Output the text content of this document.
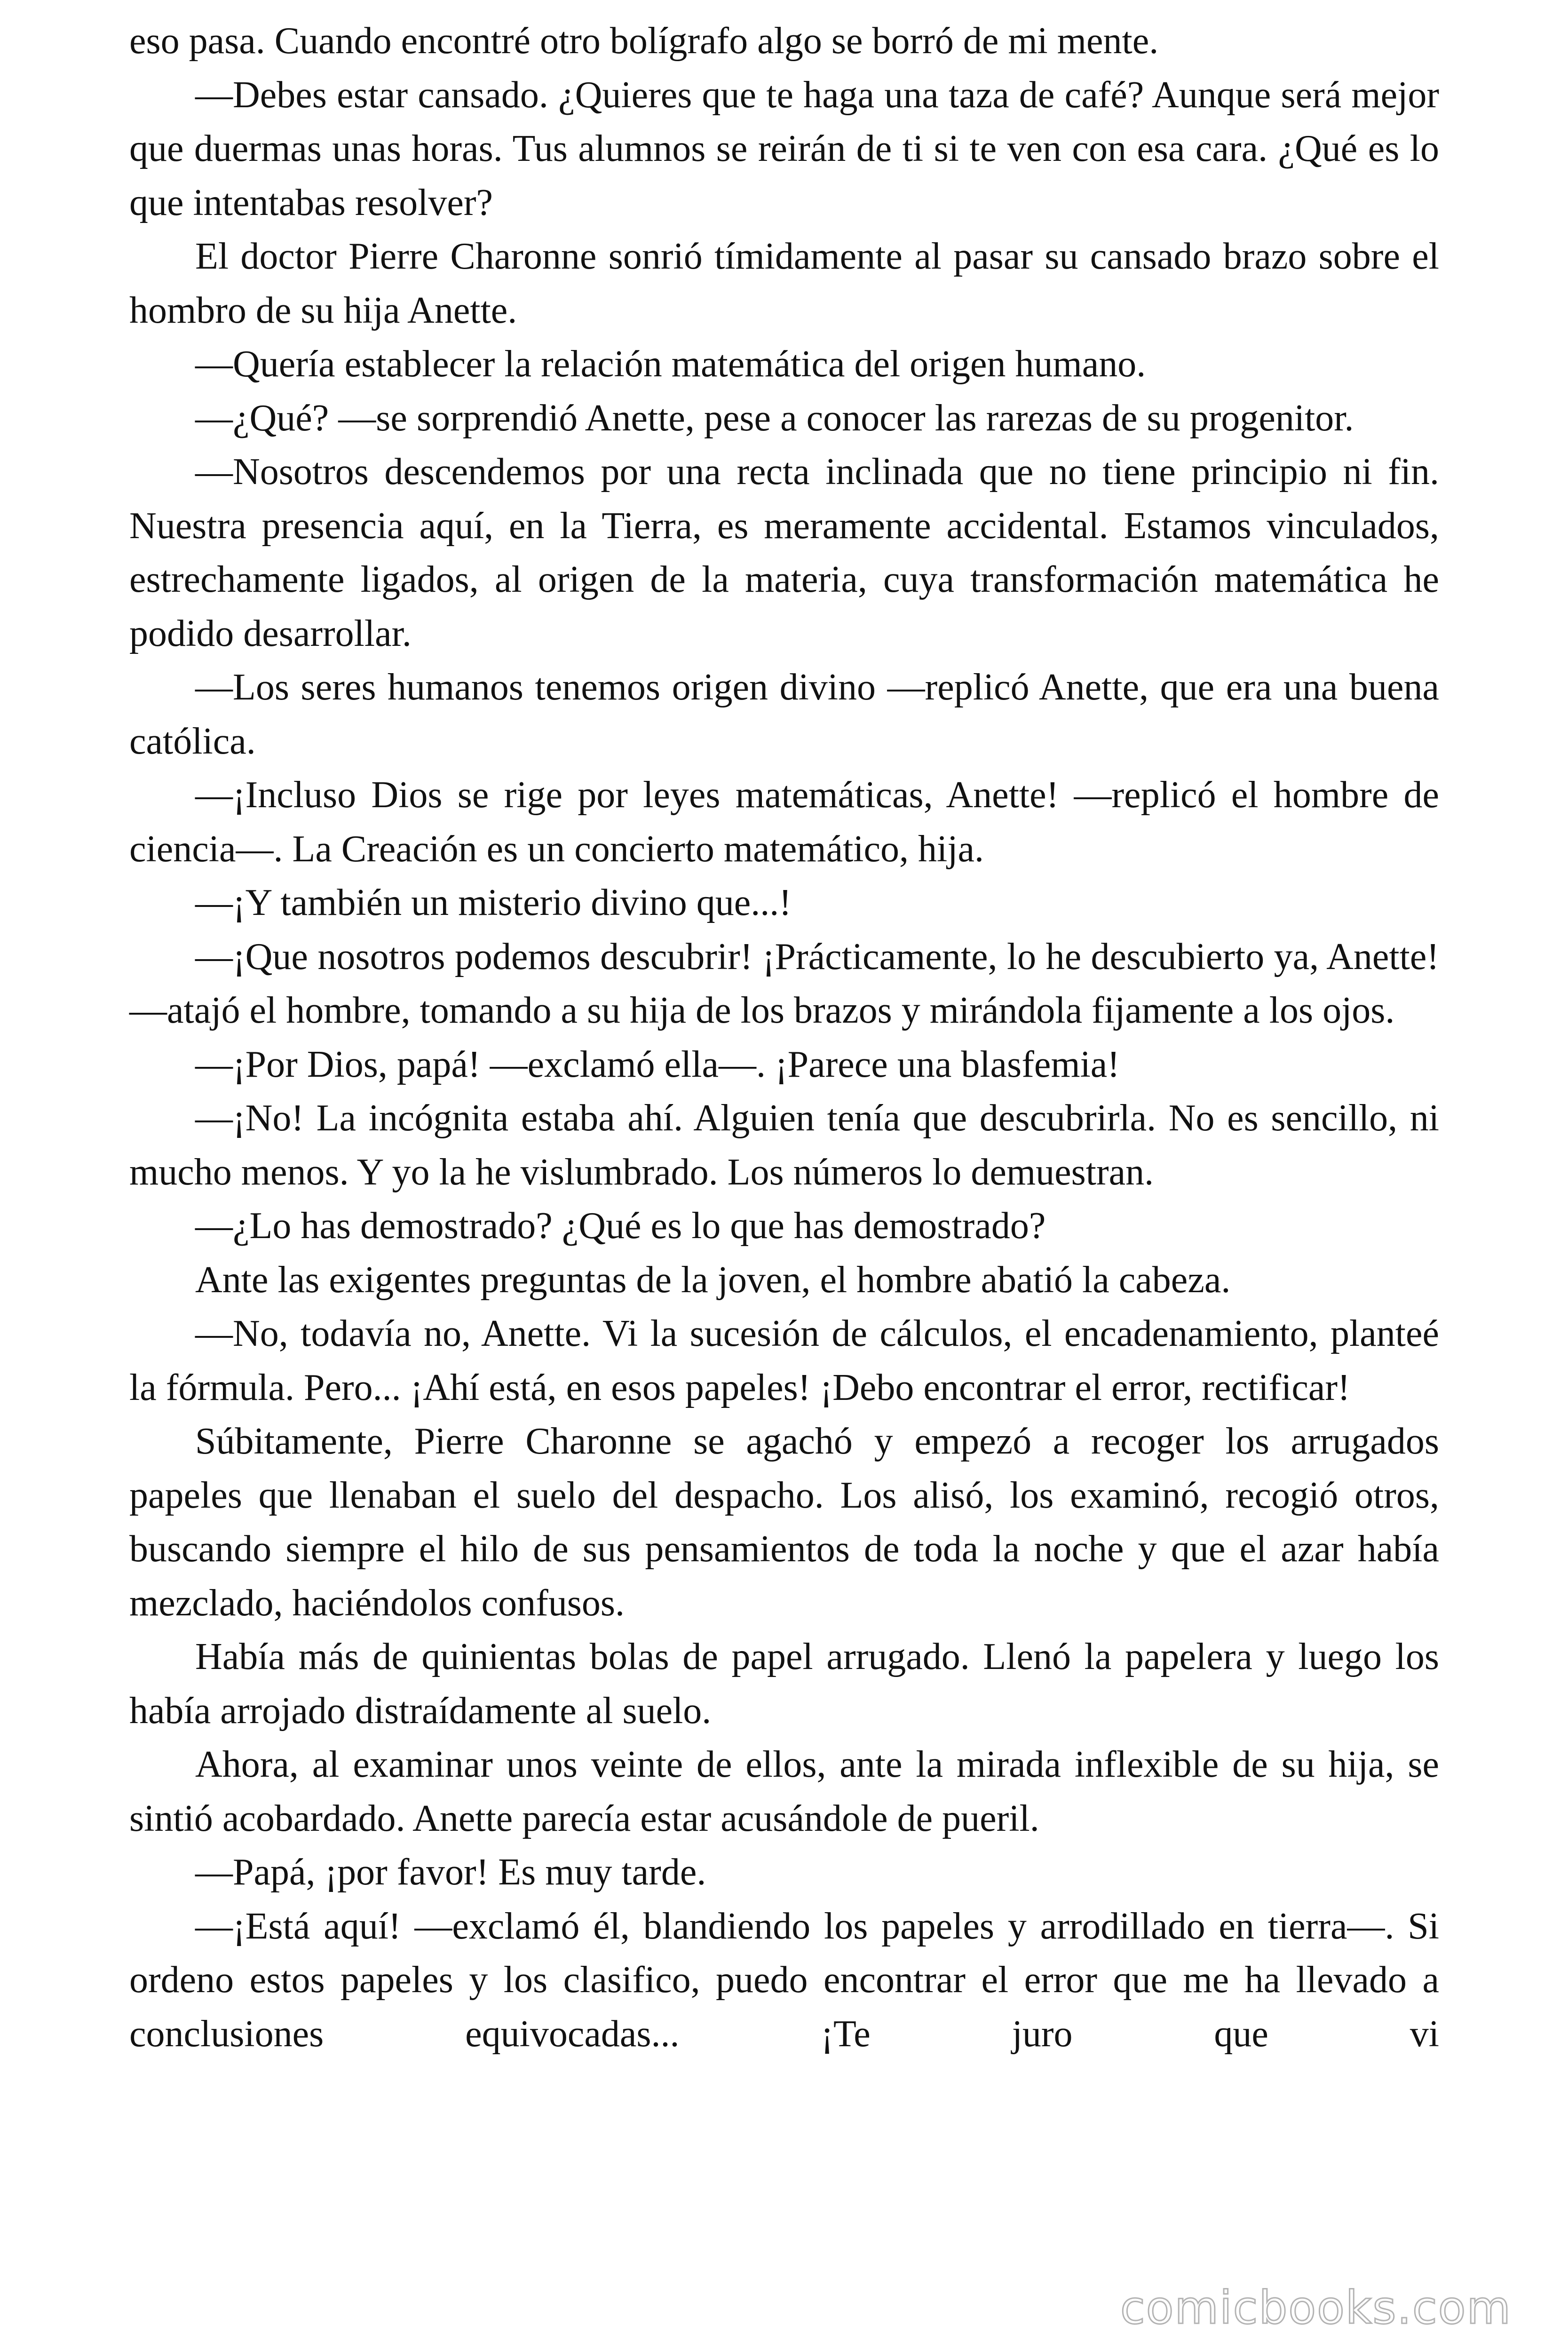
eso pasa. Cuando encontré otro bolígrafo algo se borró de mi mente.

—Debes estar cansado. ¿Quieres que te haga una taza de café? Aunque será mejor que duermas unas horas. Tus alumnos se reirán de ti si te ven con esa cara. ¿Qué es lo que intentabas resolver?

El doctor Pierre Charonne sonrió tímidamente al pasar su cansado brazo sobre el hombro de su hija Anette.

—Quería establecer la relación matemática del origen humano.

—¿Qué? —se sorprendió Anette, pese a conocer las rarezas de su progenitor.

—Nosotros descendemos por una recta inclinada que no tiene principio ni fin. Nuestra presencia aquí, en la Tierra, es meramente accidental. Estamos vinculados, estrechamente ligados, al origen de la materia, cuya transformación matemática he podido desarrollar.

—Los seres humanos tenemos origen divino —replicó Anette, que era una buena católica.

—¡Incluso Dios se rige por leyes matemáticas, Anette! —replicó el hombre de ciencia—. La Creación es un concierto matemático, hija.

—¡Y también un misterio divino que...!

—¡Que nosotros podemos descubrir! ¡Prácticamente, lo he descubierto ya, Anette! —atajó el hombre, tomando a su hija de los brazos y mirándola fijamente a los ojos.

—¡Por Dios, papá! —exclamó ella—. ¡Parece una blasfemia!

—¡No! La incógnita estaba ahí. Alguien tenía que descubrirla. No es sencillo, ni mucho menos. Y yo la he vislumbrado. Los números lo demuestran.

—¿Lo has demostrado? ¿Qué es lo que has demostrado?

Ante las exigentes preguntas de la joven, el hombre abatió la cabeza.

—No, todavía no, Anette. Vi la sucesión de cálculos, el encadenamiento, planteé la fórmula. Pero... ¡Ahí está, en esos papeles! ¡Debo encontrar el error, rectificar!

Súbitamente, Pierre Charonne se agachó y empezó a recoger los arrugados papeles que llenaban el suelo del despacho. Los alisó, los examinó, recogió otros, buscando siempre el hilo de sus pensamientos de toda la noche y que el azar había mezclado, haciéndolos confusos.

Había más de quinientas bolas de papel arrugado. Llenó la papelera y luego los había arrojado distraídamente al suelo.

Ahora, al examinar unos veinte de ellos, ante la mirada inflexible de su hija, se sintió acobardado. Anette parecía estar acusándole de pueril.

—Papá, ¡por favor! Es muy tarde.

—¡Está aquí! —exclamó él, blandiendo los papeles y arrodillado en tierra—. Si ordeno estos papeles y los clasifico, puedo encontrar el error que me ha llevado a conclusiones equivocadas... ¡Te juro que vi

comicbooks.com
